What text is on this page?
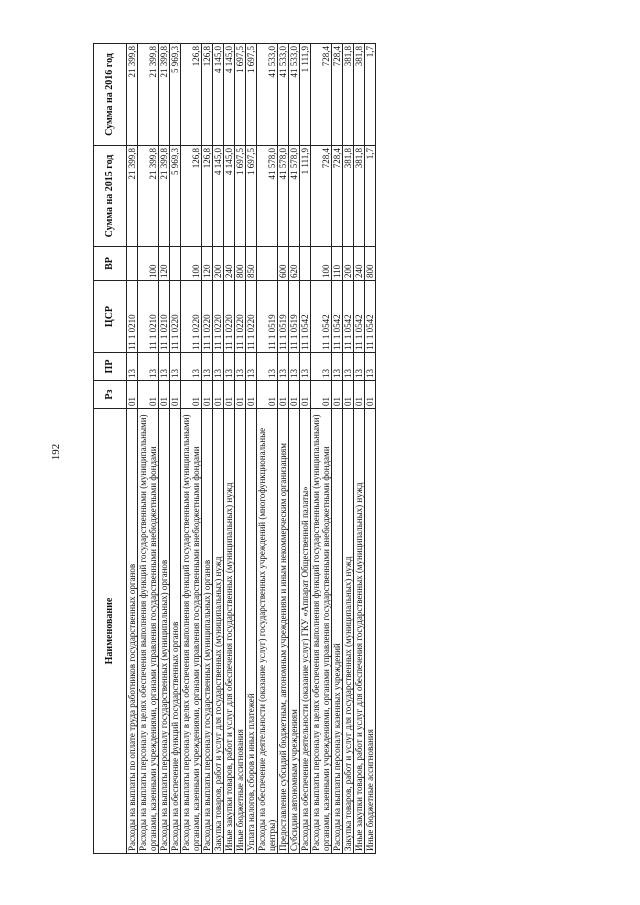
192
Наименование	Рз	ПР	ЦСР	ВР	Сумма на 2015 год	Сумма на 2016 год
Расходы на выплаты по оплате труда работников государственных органов	01	13	11 1 0210		21 399,8	21 399,8
Расходы на выплаты персоналу в целях обеспечения выполнения функций государственными (муниципальными) органами, казенными учреждениями, органами управления государственными внебюджетными фондами	01	13	11 1 0210	100	21 399,8	21 399,8
Расходы на выплаты персоналу государственных (муниципальных) органов	01	13	11 1 0210	120	21 399,8	21 399,8
Расходы на обеспечение функций государственных органов	01	13	11 1 0220		5 969,3	5 969,3
Расходы на выплаты персоналу в целях обеспечения выполнения функций государственными (муниципальными) органами, казенными учреждениями, органами управления государственными внебюджетными фондами	01	13	11 1 0220	100	126,8	126,8
Расходы на выплаты персоналу государственных (муниципальных) органов	01	13	11 1 0220	120	126,8	126,8
Закупка товаров, работ и услуг для государственных (муниципальных) нужд	01	13	11 1 0220	200	4 145,0	4 145,0
Иные закупки товаров, работ и услуг для обеспечения государственных (муниципальных) нужд	01	13	11 1 0220	240	4 145,0	4 145,0
Иные бюджетные ассигнования	01	13	11 1 0220	800	1 697,5	1 697,5
Уплата налогов, сборов и иных платежей	01	13	11 1 0220	850	1 697,5	1 697,5
Расходы на обеспечение деятельности (оказание услуг) государственных учреждений (многофункциональные центры)	01	13	11 1 0519		41 578,0	41 533,0
Предоставление субсидий бюджетным, автономным учреждениям и иным некоммерческим организациям	01	13	11 1 0519	600	41 578,0	41 533,0
Субсидии автономным учреждениям	01	13	11 1 0519	620	41 578,0	41 533,0
Расходы на обеспечение деятельности (оказание услуг) ГКУ «Аппарат Общественной палаты»	01	13	11 1 0542		1 111,9	1 111,9
Расходы на выплаты персоналу в целях обеспечения выполнения функций государственными (муниципальными) органами, казенными учреждениями, органами управления государственными внебюджетными фондами	01	13	11 1 0542	100	728,4	728,4
Расходы на выплаты персоналу казенных учреждений	01	13	11 1 0542	110	728,4	728,4
Закупка товаров, работ и услуг для государственных (муниципальных) нужд	01	13	11 1 0542	200	381,8	381,8
Иные закупки товаров, работ и услуг для обеспечения государственных (муниципальных) нужд	01	13	11 1 0542	240	381,8	381,8
Иные бюджетные ассигнования	01	13	11 1 0542	800	1,7	1,7
